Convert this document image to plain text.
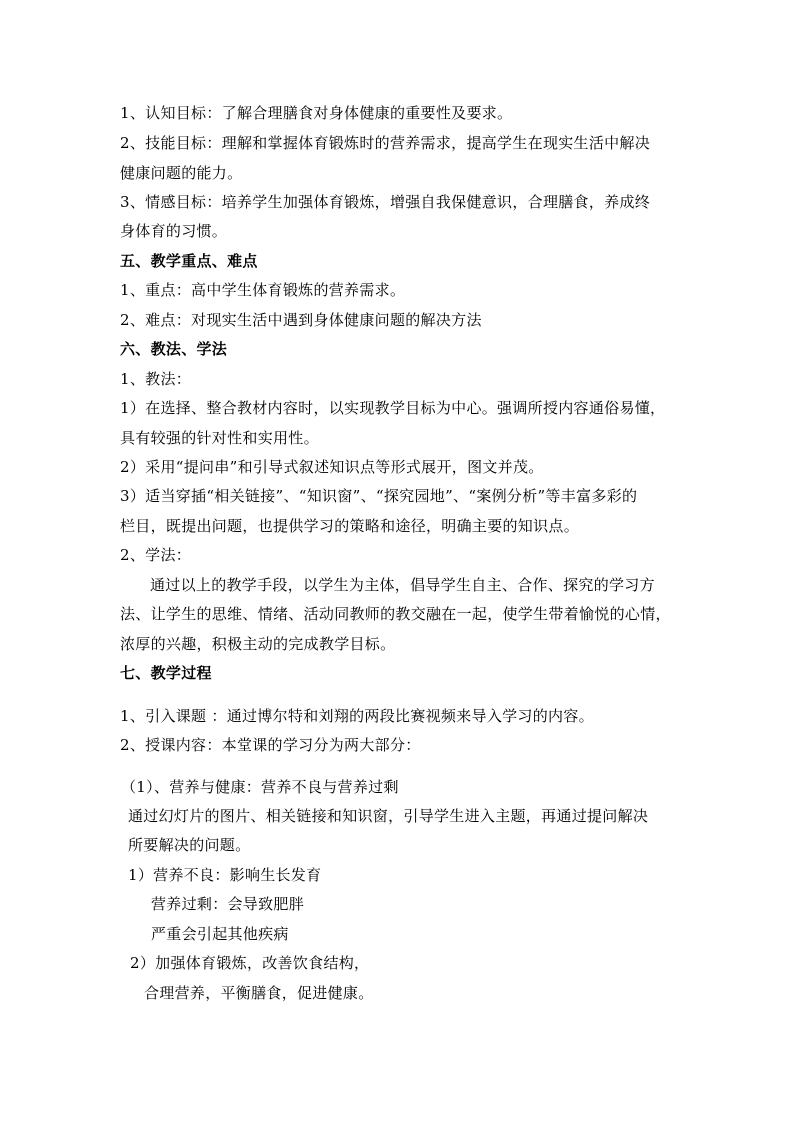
1、认知目标：了解合理膳食对身体健康的重要性及要求。
2、技能目标：理解和掌握体育锻炼时的营养需求，提高学生在现实生活中解决
健康问题的能力。
3、情感目标：培养学生加强体育锻炼，增强自我保健意识，合理膳食，养成终
身体育的习惯。
五、教学重点、难点
1、重点：高中学生体育锻炼的营养需求。
2、难点：对现实生活中遇到身体健康问题的解决方法
六、教法、学法
1、教法：
1）在选择、整合教材内容时，以实现教学目标为中心。强调所授内容通俗易懂，
具有较强的针对性和实用性。
2）采用“提问串”和引导式叙述知识点等形式展开，图文并茂。
3）适当穿插“相关链接”、“知识窗”、“探究园地”、“案例分析”等丰富多彩的
栏目，既提出问题，也提供学习的策略和途径，明确主要的知识点。
2、学法：
通过以上的教学手段，以学生为主体，倡导学生自主、合作、探究的学习方
法、让学生的思维、情绪、活动同教师的教交融在一起，使学生带着愉悦的心情，
浓厚的兴趣，积极主动的完成教学目标。
七、教学过程
1、引入课题 ：通过博尔特和刘翔的两段比赛视频来导入学习的内容。
2、授课内容：本堂课的学习分为两大部分：
（1）、营养与健康：营养不良与营养过剩
通过幻灯片的图片、相关链接和知识窗，引导学生进入主题，再通过提问解决
所要解决的问题。
1）营养不良：影响生长发育
营养过剩：会导致肥胖
严重会引起其他疾病
2）加强体育锻炼，改善饮食结构，
合理营养，平衡膳食，促进健康。
